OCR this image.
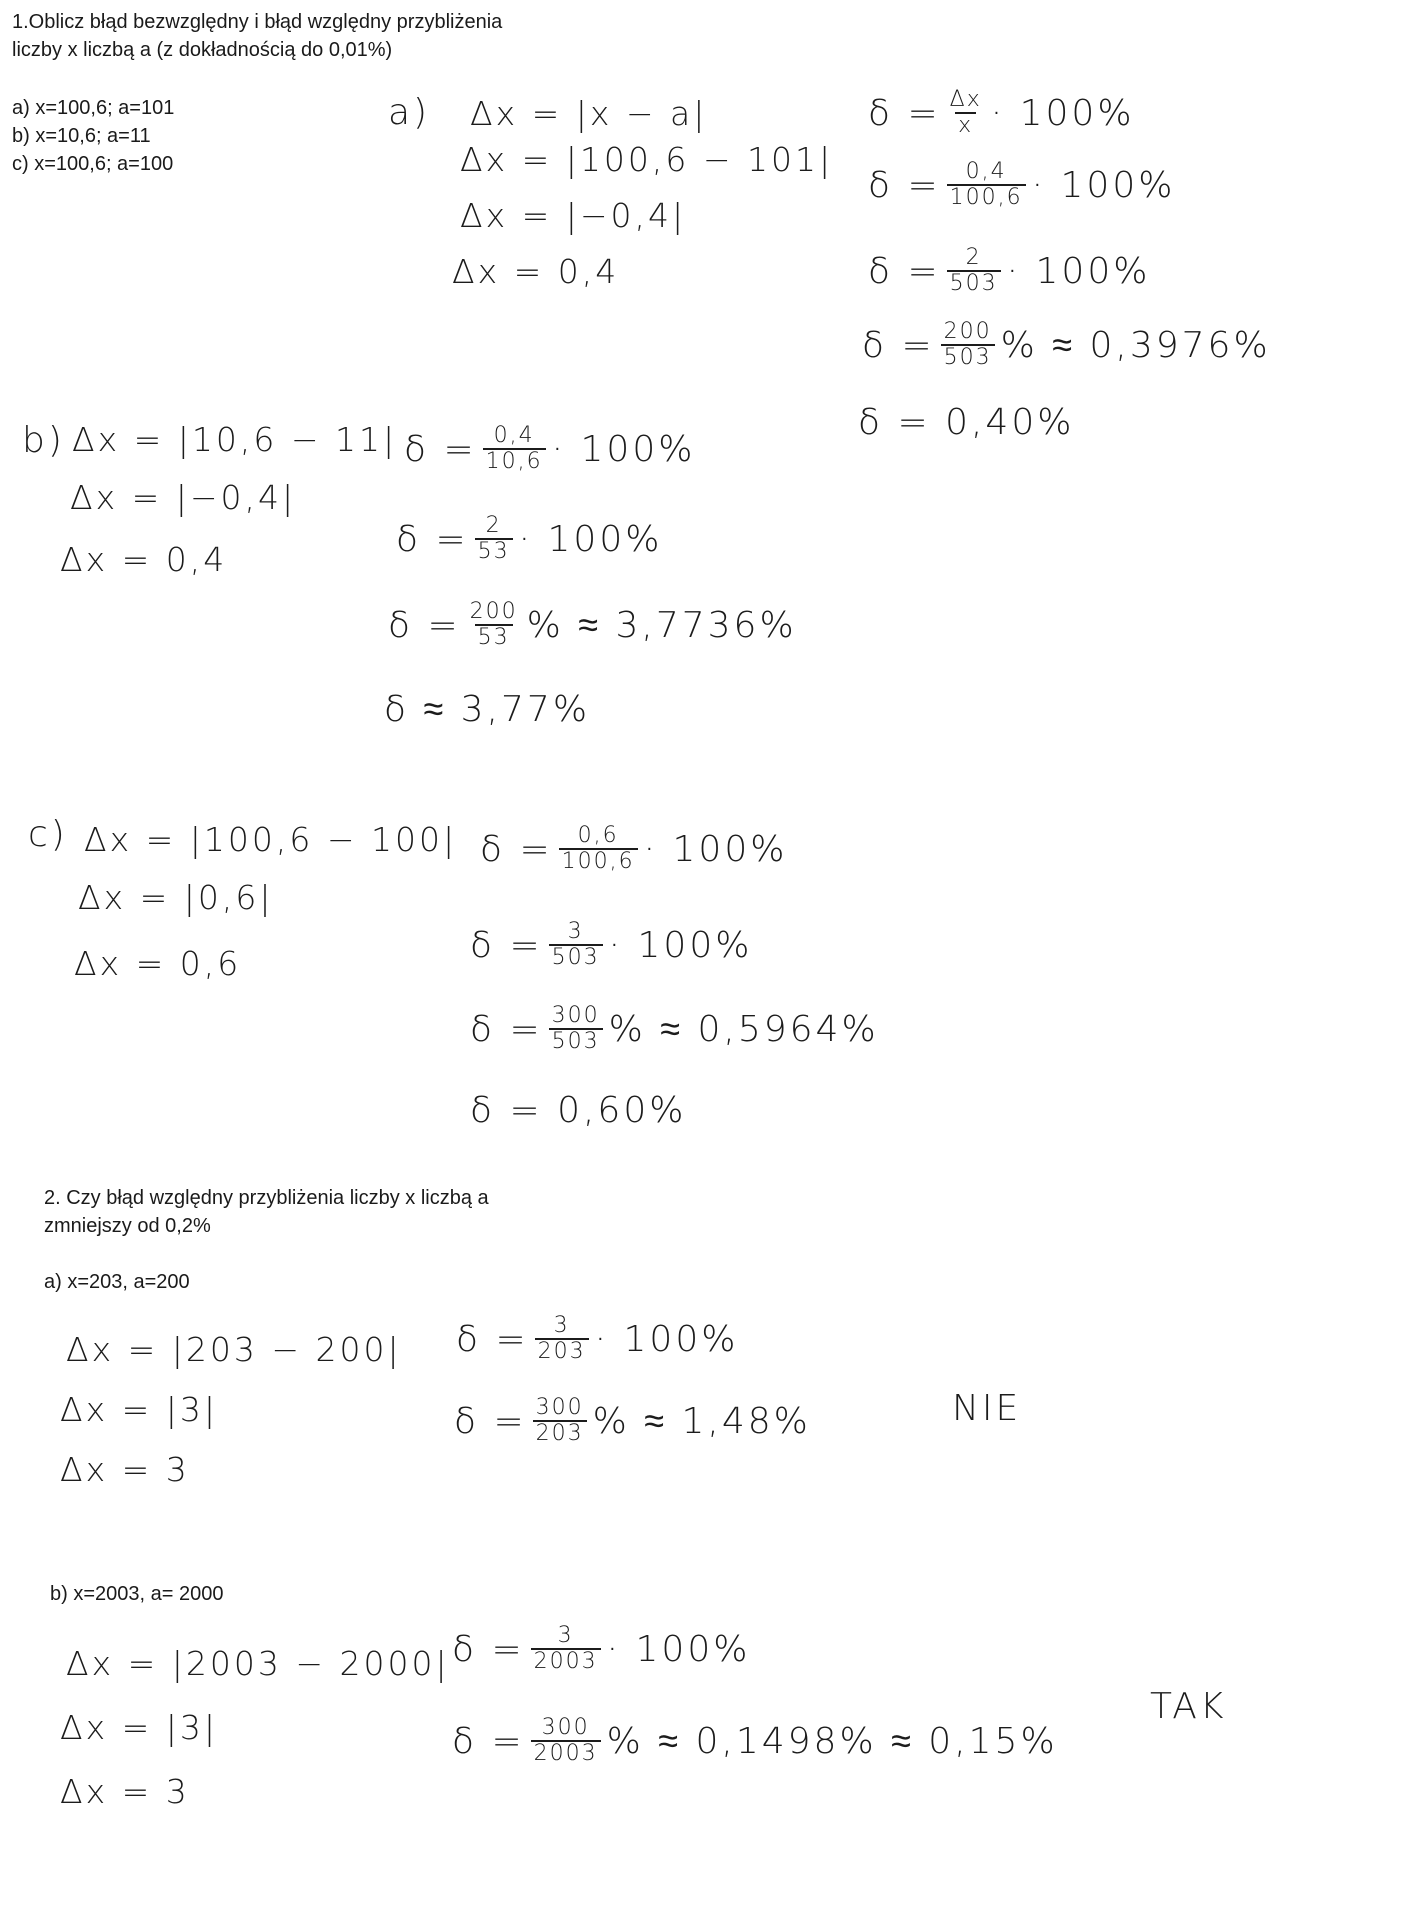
1.Oblicz błąd bezwzględny i błąd względny przybliżenia
liczby x liczbą a (z dokładnością do 0,01%)
a) x=100,6; a=101
b) x=10,6; a=11
c) x=100,6; a=100
a) Δx = |x − a|
Δx = |100,6 − 101|
Δx = |−0,4|
Δx = 0,4
$\delta = \frac{\Delta x}{x} \cdot 100\%$
$\delta = \frac{0,4}{100,6} \cdot 100\%$
$\delta = \frac{2}{503} \cdot 100\%$
$\delta = \frac{200}{503}$ % ≈ 0,3976%
δ = 0,40%
b) Δx = |10,6 − 11|
Δx = |−0,4|
Δx = 0,4
$\delta = \frac{0,4}{10,6} \cdot 100\%$
$\delta = \frac{2}{53} \cdot 100\%$
$\delta = \frac{200}{53}$ % ≈ 3,7736%
δ ≈ 3,77%
c) Δx = |100,6 − 100|
Δx = |0,6|
Δx = 0,6
$\delta = \frac{0,6}{100,6} \cdot 100\%$
$\delta = \frac{3}{503} \cdot 100\%$
$\delta = \frac{300}{503}$ % ≈ 0,5964%
δ = 0,60%
2. Czy błąd względny przybliżenia liczby x liczbą a
zmniejszy od 0,2%
a) x=203, a=200
Δx = |203 − 200|
Δx = |3|
Δx = 3
$\delta = \frac{3}{203} \cdot 100\%$
$\delta = \frac{300}{203}$ % ≈ 1,48%	NIE
b) x=2003, a= 2000
Δx = |2003 − 2000|
Δx = |3|
Δx = 3
$\delta = \frac{3}{2003} \cdot 100\%$
$\delta = \frac{300}{2003}$ % ≈ 0,1498% ≈ 0,15%
TAK
